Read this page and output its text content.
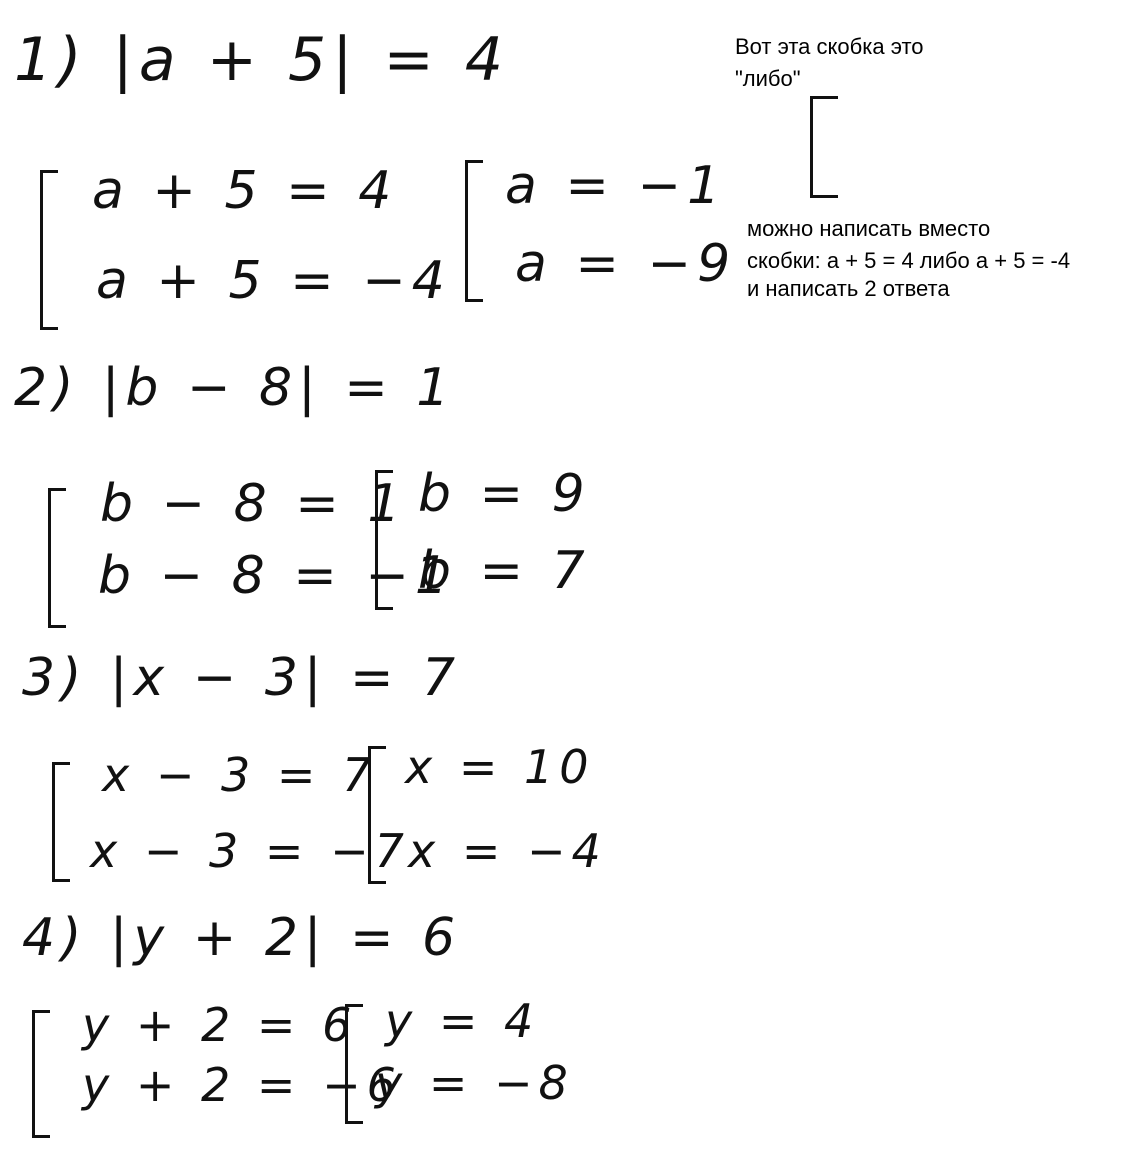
1) |a + 5| = 4
a + 5 = 4
a + 5 = −4
a = −1
a = −9
2) |b − 8| = 1
b − 8 = 1
b − 8 = −1
b = 9
b = 7
3) |x − 3| = 7
x − 3 = 7
x − 3 = −7
x = 10
x = −4
4) |y + 2| = 6
y + 2 = 6
y + 2 = −6
y = 4
y = −8
Вот эта скобка это
"либо"
можно написать вместо
скобки: a + 5 = 4 либо a + 5 = -4
и написать 2 ответа
